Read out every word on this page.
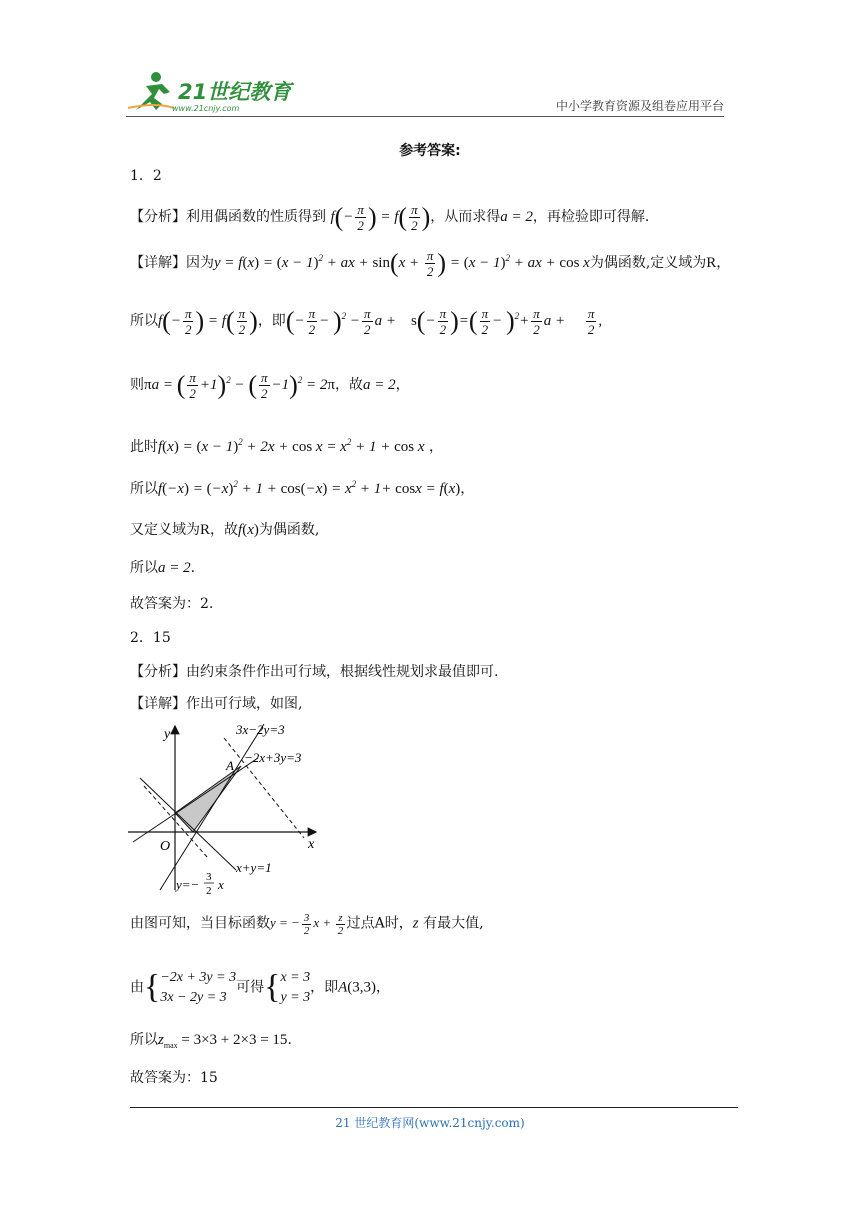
21世纪教育
www.21cnjy.com	中小学教育资源及组卷应用平台
参考答案:
1．2
【分析】利用偶函数的性质得到 $f(- \frac{\pi}{2}$ ) = $f( \frac{\pi}{2}$ )，从而求得a = 2，再检验即可得解.
【详解】因为$y = f(x) = (x - 1)^2$ + ax + $\sin(x + \frac{\pi}{2}$ ) = $(x - 1)^2$ + ax + cos x为偶函数,定义域为R，
所以$f(- \frac{\pi}{2}$ ) = $f( \frac{\pi}{2}$ )，即(− $\frac{\pi}{2} - )^2 - \frac{\pi}{2}$ a +    $s(- \frac{\pi}{2}$ )=( $\frac{\pi}{2} - )^2+ \frac{\pi}{2}$ $a + \frac{\pi}{2}$ ,
则πa = ( $\frac{\pi}{2} +1)^2$ − ( $\frac{\pi}{2} -1)^2 = 2\pi$，故a = 2，
此时$f(x) = (x - 1)^2 + 2x + \cos x = x^2 + 1 + \cos x$ ，
所以$f(-x) = (-x)^2 + 1 + \cos(-x) = x^2 + 1+ \cos x = f(x)$，
又定义域为R，故f(x)为偶函数,
所以a = 2.
故答案为：2.
2．15
【分析】由约束条件作出可行域，根据线性规划求最值即可.
【详解】作出可行域，如图,
y
x
O
A
3x−2y=3
−2x+3y=3
x+y=1
y=− 3
2 x
由图可知，当目标函数y = − $\frac{3}{2}$ $x + \frac{z}{2}$ 过点A时，z 有最大值,
由{ −2x + 3y = 3
3x − 2y = 3
可得{ x = 3
y = 3
，即A(3,3)，
所以$z_{max} = 3\times 3 + 2\times 3 = 15$.
故答案为：15
21 世纪教育网(www.21cnjy.com)
